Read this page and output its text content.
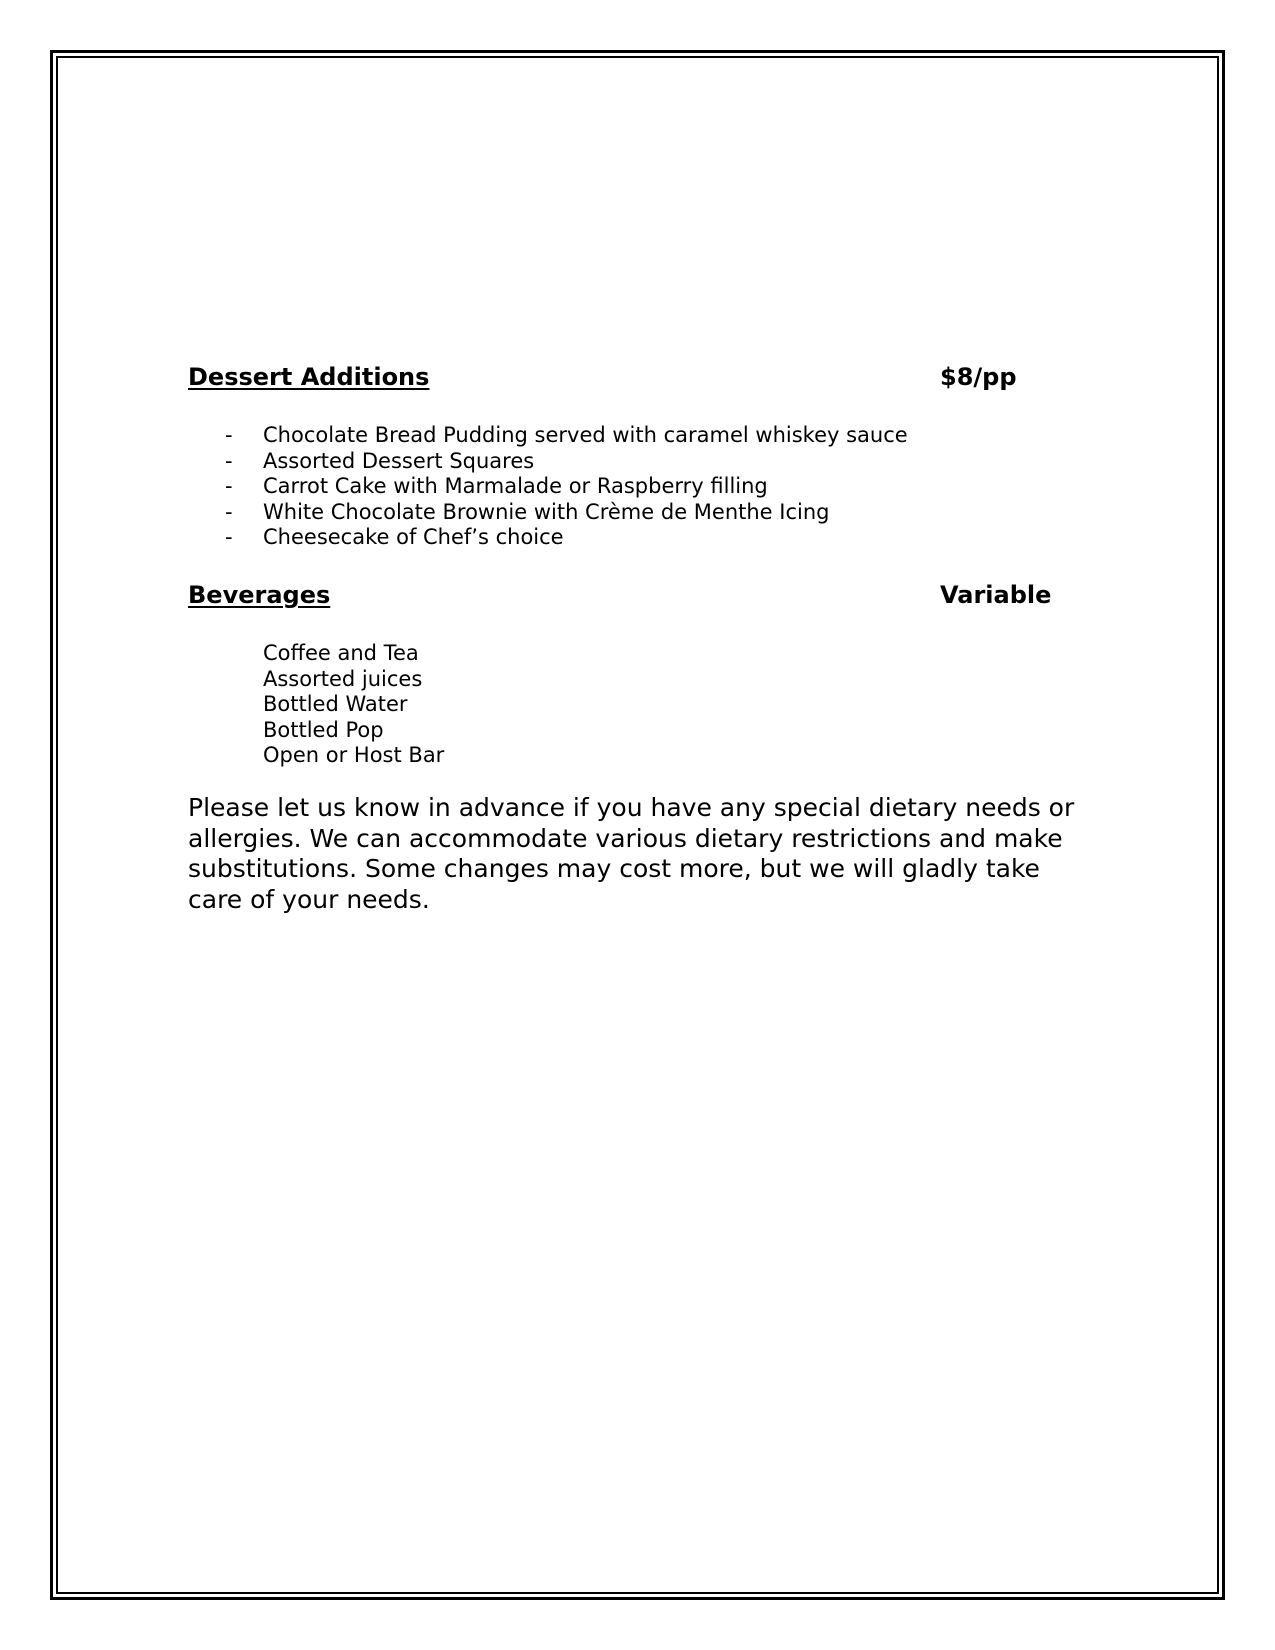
Dessert Additions	$8/pp
- Chocolate Bread Pudding served with caramel whiskey sauce
- Assorted Dessert Squares
- Carrot Cake with Marmalade or Raspberry filling
- White Chocolate Brownie with Crème de Menthe Icing
- Cheesecake of Chef’s choice
Beverages	Variable
Coffee and Tea
Assorted juices
Bottled Water
Bottled Pop
Open or Host Bar

Please let us know in advance if you have any special dietary needs or allergies. We can accommodate various dietary restrictions and make substitutions. Some changes may cost more, but we will gladly take care of your needs.
